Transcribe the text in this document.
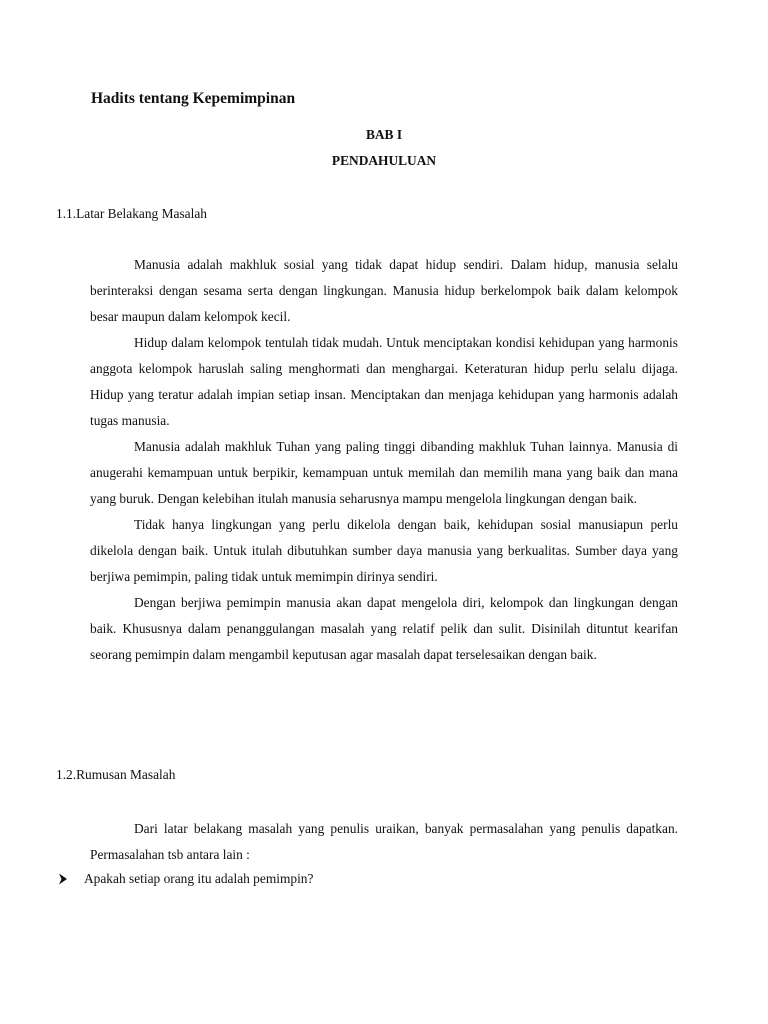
Hadits tentang Kepemimpinan
BAB I
PENDAHULUAN
1.1.Latar Belakang Masalah

Manusia adalah makhluk sosial yang tidak dapat hidup sendiri. Dalam hidup, manusia selalu berinteraksi dengan sesama serta dengan lingkungan. Manusia hidup berkelompok baik dalam kelompok besar maupun dalam kelompok kecil.

Hidup dalam kelompok tentulah tidak mudah. Untuk menciptakan kondisi kehidupan yang harmonis anggota kelompok haruslah saling menghormati dan menghargai. Keteraturan hidup perlu selalu dijaga. Hidup yang teratur adalah impian setiap insan. Menciptakan dan menjaga kehidupan yang harmonis adalah tugas manusia.

Manusia adalah makhluk Tuhan yang paling tinggi dibanding makhluk Tuhan lainnya. Manusia di anugerahi kemampuan untuk berpikir, kemampuan untuk memilah dan memilih mana yang baik dan mana yang buruk. Dengan kelebihan itulah manusia seharusnya mampu mengelola lingkungan dengan baik.

Tidak hanya lingkungan yang perlu dikelola dengan baik, kehidupan sosial manusiapun perlu dikelola dengan baik. Untuk itulah dibutuhkan sumber daya manusia yang berkualitas. Sumber daya yang berjiwa pemimpin, paling tidak untuk memimpin dirinya sendiri.

Dengan berjiwa pemimpin manusia akan dapat mengelola diri, kelompok dan lingkungan dengan baik. Khususnya dalam penanggulangan masalah yang relatif pelik dan sulit. Disinilah dituntut kearifan seorang pemimpin dalam mengambil keputusan agar masalah dapat terselesaikan dengan baik.

1.2.Rumusan Masalah

Dari latar belakang masalah yang penulis uraikan, banyak permasalahan yang penulis dapatkan. Permasalahan tsb antara lain :

Apakah setiap orang itu adalah pemimpin?
